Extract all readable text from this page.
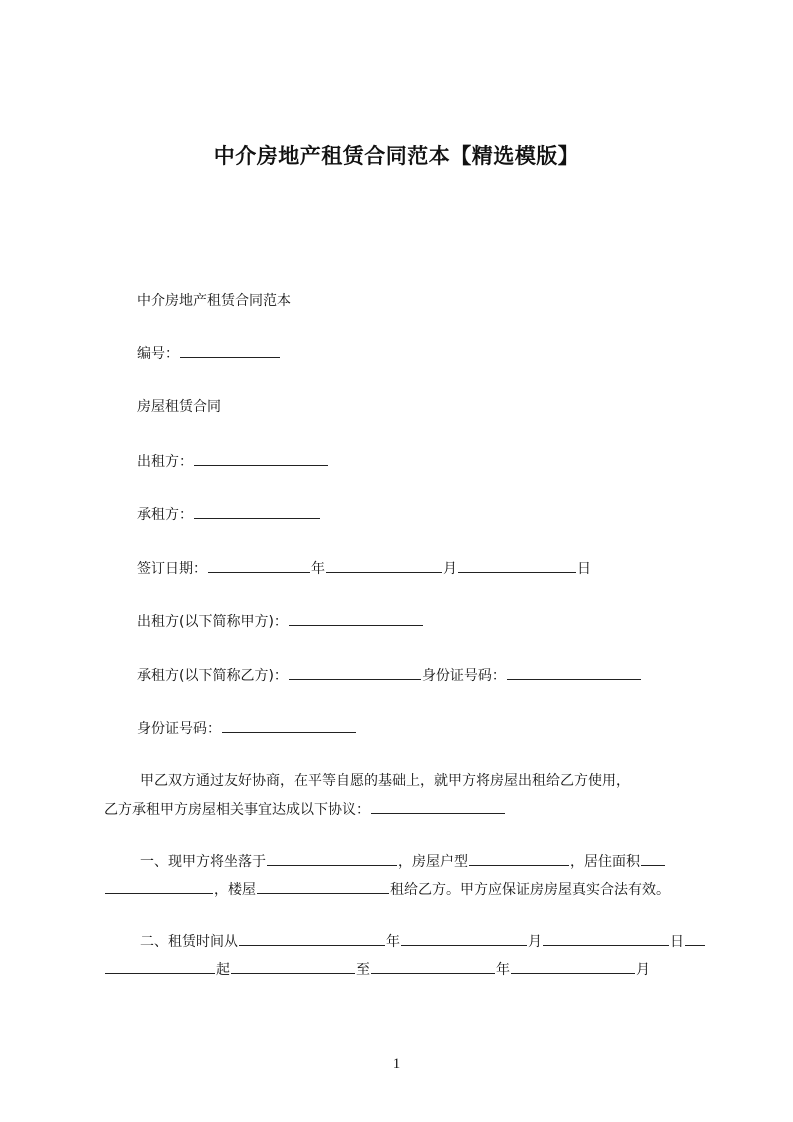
中介房地产租赁合同范本【精选模版】
中介房地产租赁合同范本
编号：
房屋租赁合同
出租方：
承租方：
签订日期：	年	月	日
出租方(以下简称甲方)：
承租方(以下简称乙方)：	身份证号码：
身份证号码：
甲乙双方通过友好协商，在平等自愿的基础上，就甲方将房屋出租给乙方使用，
乙方承租甲方房屋相关事宜达成以下协议：
一、现甲方将坐落于	，房屋户型	，居住面积
，楼屋	租给乙方。甲方应保证房房屋真实合法有效。
二、租赁时间从	年	月	日
起	至	年	月
1
